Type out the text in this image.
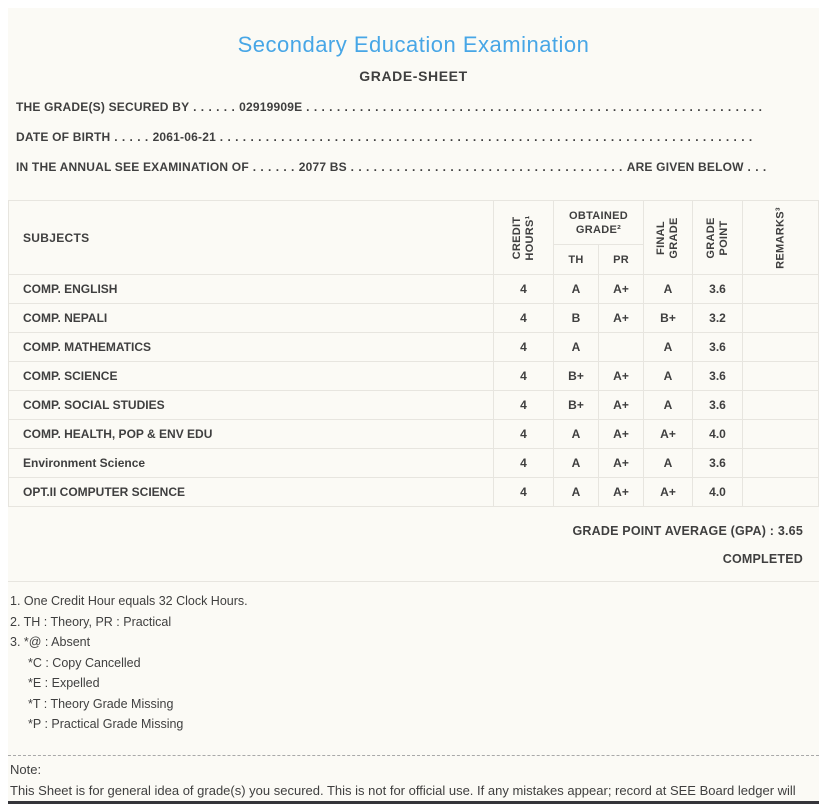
Secondary Education Examination
GRADE-SHEET
THE GRADE(S) SECURED BY . . . . . . 02919909E . . . . . . . . . . . . . . . . . . . . . . . . . . . . . . . . . . . . . . . . . . . . . . . . . . . . . . . . . . . .
DATE OF BIRTH . . . . . 2061-06-21 . . . . . . . . . . . . . . . . . . . . . . . . . . . . . . . . . . . . . . . . . . . . . . . . . . . . . . . . . . . . . . . . . . . . . .
IN THE ANNUAL SEE EXAMINATION OF . . . . . . 2077 BS . . . . . . . . . . . . . . . . . . . . . . . . . . . . . . . . . . . . ARE GIVEN BELOW . . .
SUBJECTS	CREDIT HOURS¹	OBTAINED GRADE²		FINAL GRADE	GRADE POINT	REMARKS³

		TH	PR			
COMP. ENGLISH	4	A	A+	A	3.6	
COMP. NEPALI	4	B	A+	B+	3.2	
COMP. MATHEMATICS	4	A		A	3.6	
COMP. SCIENCE	4	B+	A+	A	3.6	
COMP. SOCIAL STUDIES	4	B+	A+	A	3.6	
COMP. HEALTH, POP & ENV EDU	4	A	A+	A+	4.0	
Environment Science	4	A	A+	A	3.6	
OPT.II COMPUTER SCIENCE	4	A	A+	A+	4.0	
GRADE POINT AVERAGE (GPA) : 3.65
COMPLETED
1. One Credit Hour equals 32 Clock Hours.
2. TH : Theory, PR : Practical
3. *@ : Absent
*C : Copy Cancelled
*E : Expelled
*T : Theory Grade Missing
*P : Practical Grade Missing
Note:
This Sheet is for general idea of grade(s) you secured. This is not for official use. If any mistakes appear; record at SEE Board ledger will
